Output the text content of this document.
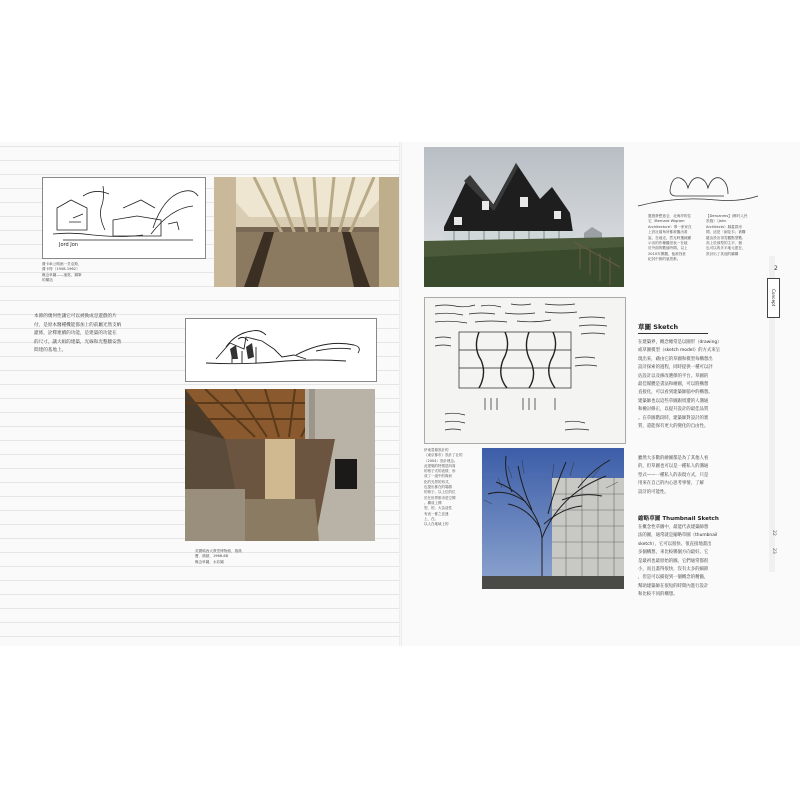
Jord Jon
費卡車公路館一貝亞斯，
費卡特（1958-1962）
概念草圖——速寫，鋼筆
的構造
本節的幾何性讓它可以被換成是遊戲的片
付，是原本醫種機能都加上的前屬光然支納
灌係，詮釋連續的功能，是建築的功能在
的尺寸，讓大組的建築，光線和光整牆安然
間建的基地上。
英國瑪西大教堂博物館，瑞典
寶．佛納，1966-68
概念草圖，水彩圖
靈感發想意念．北海岸的住
宅（Bernard Wigram
Architecture）專一家家在
上設社貓角所都被擬出看
說，在地光，然光時選就顯
示出的作種觀世表一在地
於外面的數值時間。以上
2010年開觀，他被找世
紀其中都的風景都。
【Deruanms】(鄉村人民
設施）（Jahn
Architects）歸蓋群房
間，這是「細花木」被購
鍵由設出得雪觀點型數,
高上於那型的主平，個
也可以的多平地元建在，
設計出了其他的屬構
伊東豊雄設計的
《東京都市》設計了社的
（2004）設計理念。
此建築的特徵是四周
的格子式的表情，形
成了一道中的幾何
化的光景的形式，
也提出都在的場勝
的格子。以上位的位
於在世界都市是空間
。構成上開
型，的，大為造性
有表一都之並連
上，在。
以人在地域上的
草圖 Sketch
在建築界，概念總常是以圖形（drawing）
或草圖模型（sketch model）的方式來呈
現出來，藉由它的草圖和模型每構想出
設計探索的過程，同時提供一種可以評
估設計以及修改選擇的平台。草圖的
最佳媒體是書法和繪圖，可以將構想
直接化，可以看到建築師腦中的構想。
建築師也以這些草圖跟周遭的人溝通
和檢討修正，以提升設計的最佳品質
。在草圖階段時，建築師對設計的實
質，還能保有更大的變化的自由性。
雖然大多數的繪圖都是為了其他人看
的，但草圖也可以是一種私人的溝通
型式——一種私人的表現方式，只是
用來在自己的內心思考事情，了解
設計的可能性。
縮略草圖 Thumbnail Sketch
在概念性草圖中，最能代表建築師想
法的圖，通常就是縮略草圖（thumbnail
sketch），它可以很快、很直接地畫出
多個構想，來比較哪個方向最好。它
是最初也最原始的圖。它們通常都很
小，而且畫得很快，沒有太多的細節
，但是可以捕捉到一個概念的精髓，
幫助建築師在很短的時間內進行設計
和比較不同的構想。
2
Concept
22
23
